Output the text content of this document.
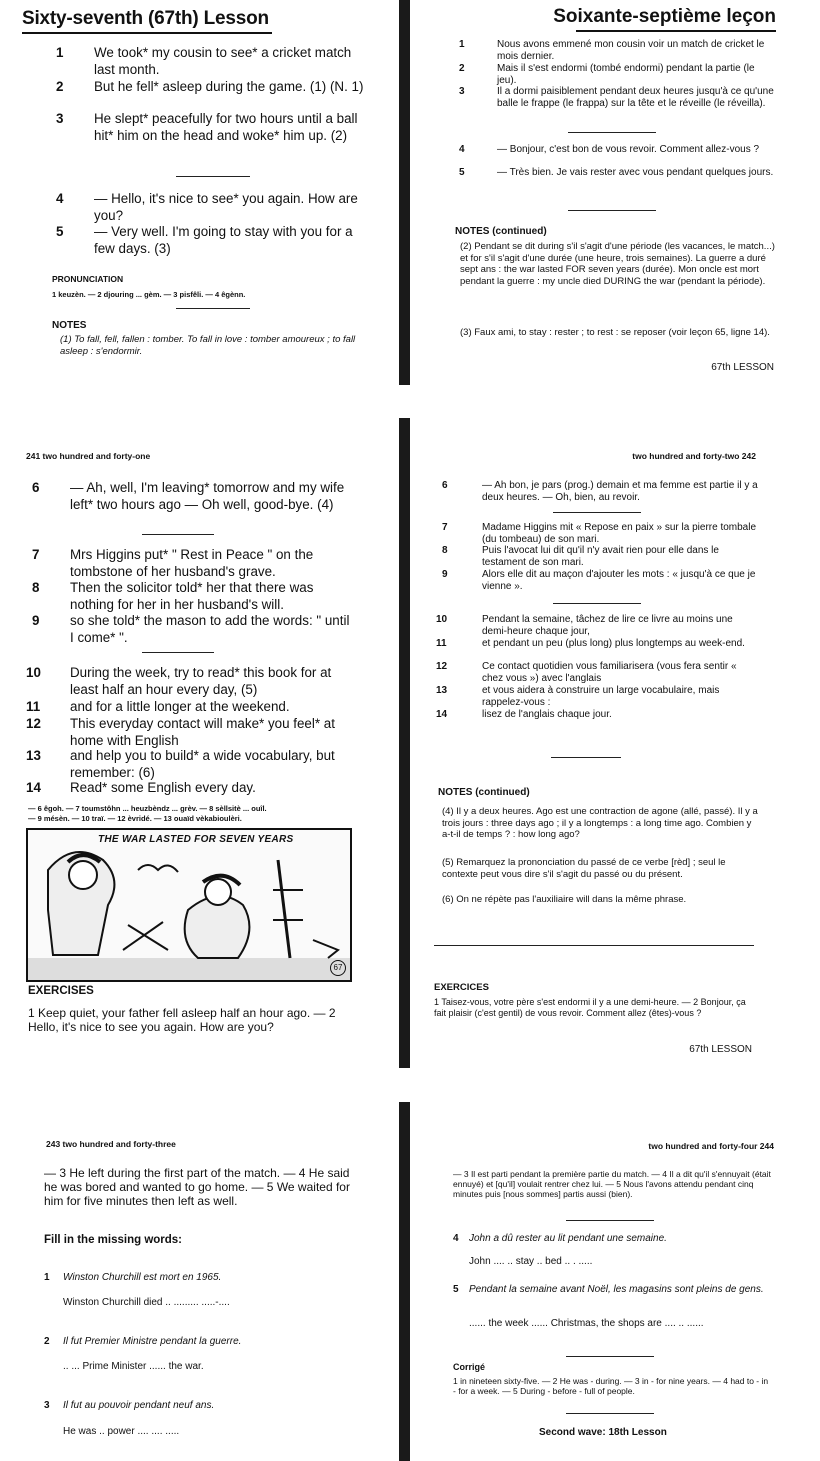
Sixty-seventh (67th) Lesson
1	We took* my cousin to see* a cricket match last month.
2	But he fell* asleep during the game. (1) (N. 1)
3	He slept* peacefully for two hours until a ball hit* him on the head and woke* him up. (2)
4	— Hello, it's nice to see* you again. How are you?
5	— Very well. I'm going to stay with you for a few days. (3)
PRONUNCIATION
1 keuzèn. — 2 djouring ... gèm. — 3 pisfêli. — 4 êgènn.
NOTES
(1) To fall, fell, fallen : tomber. To fall in love : tomber amoureux ; to fall asleep : s'endormir.
Soixante-septième leçon
1	Nous avons emmené mon cousin voir un match de cricket le mois dernier.
2	Mais il s'est endormi (tombé endormi) pendant la partie (le jeu).
3	Il a dormi paisiblement pendant deux heures jusqu'à ce qu'une balle le frappe (le frappa) sur la tête et le réveille (le réveilla).
4	— Bonjour, c'est bon de vous revoir. Comment allez-vous ?
5	— Très bien. Je vais rester avec vous pendant quelques jours.
NOTES (continued)
(2) Pendant se dit during s'il s'agit d'une période (les vacances, le match...) et for s'il s'agit d'une durée (une heure, trois semaines). La guerre a duré sept ans : the war lasted FOR seven years (durée). Mon oncle est mort pendant la guerre : my uncle died DURING the war (pendant la période).
(3) Faux ami, to stay : rester ; to rest : se reposer (voir leçon 65, ligne 14).
67th LESSON
241 two hundred and forty-one
6	— Ah, well, I'm leaving* tomorrow and my wife left* two hours ago — Oh well, good-bye. (4)
7	Mrs Higgins put* " Rest in Peace " on the tombstone of her husband's grave.
8	Then the solicitor told* her that there was nothing for her in her husband's will.
9	so she told* the mason to add the words: " until I come* ".
10	During the week, try to read* this book for at least half an hour every day, (5)
11	and for a little longer at the weekend.
12	This everyday contact will make* you feel* at home with English
13	and help you to build* a wide vocabulary, but remember: (6)
14	Read* some English every day.
— 6 êgoh. — 7 toumstôhn ... heuzbèndz ... grèv. — 8 sèllsitè ... ouîl.
— 9 mésèn. — 10 traï. — 12 èvridé. — 13 ouaïd vèkabioulèri.
THE WAR LASTED FOR SEVEN YEARS
67
EXERCISES
1 Keep quiet, your father fell asleep half an hour ago. — 2 Hello, it's nice to see you again. How are you?
two hundred and forty-two 242
6	— Ah bon, je pars (prog.) demain et ma femme est partie il y a deux heures. — Oh, bien, au revoir.
7	Madame Higgins mit « Repose en paix » sur la pierre tombale (du tombeau) de son mari.
8	Puis l'avocat lui dit qu'il n'y avait rien pour elle dans le testament de son mari.
9	Alors elle dit au maçon d'ajouter les mots : « jusqu'à ce que je vienne ».
10	Pendant la semaine, tâchez de lire ce livre au moins une demi-heure chaque jour,
11	et pendant un peu (plus long) plus longtemps au week-end.
12	Ce contact quotidien vous familiarisera (vous fera sentir « chez vous ») avec l'anglais
13	et vous aidera à construire un large vocabulaire, mais rappelez-vous :
14	lisez de l'anglais chaque jour.
NOTES (continued)
(4) Il y a deux heures. Ago est une contraction de agone (allé, passé). Il y a trois jours : three days ago ; il y a longtemps : a long time ago. Combien y a-t-il de temps ? : how long ago?
(5) Remarquez la prononciation du passé de ce verbe [rèd] ; seul le contexte peut vous dire s'il s'agit du passé ou du présent.
(6) On ne répète pas l'auxiliaire will dans la même phrase.
EXERCICES
1 Taisez-vous, votre père s'est endormi il y a une demi-heure. — 2 Bonjour, ça fait plaisir (c'est gentil) de vous revoir. Comment allez (êtes)-vous ?
67th LESSON
243 two hundred and forty-three
— 3 He left during the first part of the match. — 4 He said he was bored and wanted to go home. — 5 We waited for him for five minutes then left as well.
Fill in the missing words:
1	Winston Churchill est mort en 1965.
Winston Churchill died .. ......... .....-....
2	Il fut Premier Ministre pendant la guerre.
.. ... Prime Minister ...... the war.
3	Il fut au pouvoir pendant neuf ans.
He was .. power .... .... .....
two hundred and forty-four 244
— 3 Il est parti pendant la première partie du match. — 4 Il a dit qu'il s'ennuyait (était ennuyé) et [qu'il] voulait rentrer chez lui. — 5 Nous l'avons attendu pendant cinq minutes puis [nous sommes] partis aussi (bien).
4	John a dû rester au lit pendant une semaine.
John .... .. stay .. bed .. . .....
5	Pendant la semaine avant Noël, les magasins sont pleins de gens.
...... the week ...... Christmas, the shops are .... .. ......
Corrigé
1 in nineteen sixty-five. — 2 He was - during. — 3 in - for nine years. — 4 had to - in - for a week. — 5 During - before - full of people.
Second wave: 18th Lesson
